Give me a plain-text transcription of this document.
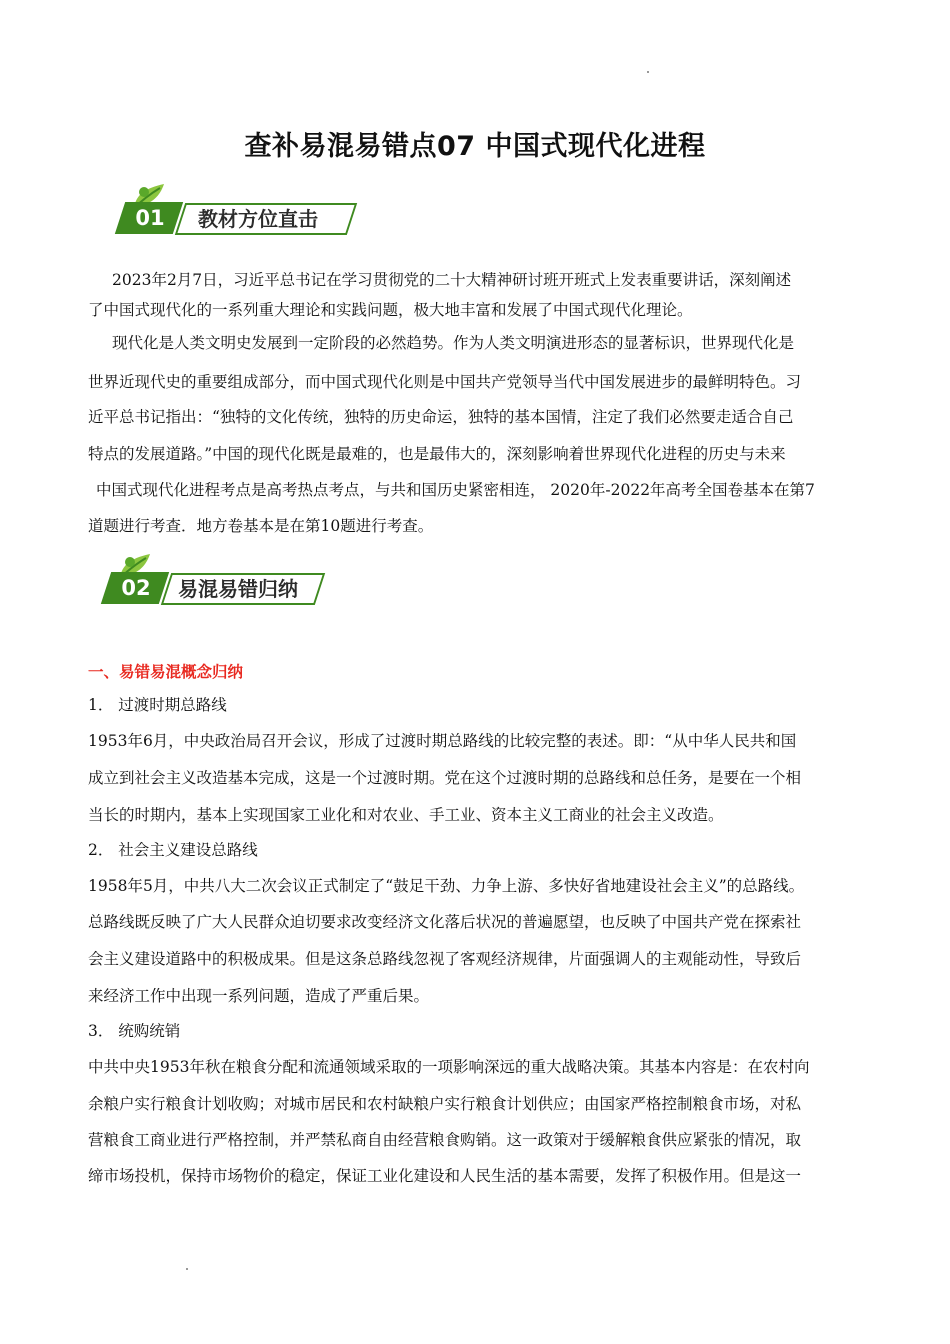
查补易混易错点07 中国式现代化进程
01	教材方位直击
2023年2月7日，习近平总书记在学习贯彻党的二十大精神研讨班开班式上发表重要讲话，深刻阐述
了中国式现代化的一系列重大理论和实践问题，极大地丰富和发展了中国式现代化理论。
现代化是人类文明史发展到一定阶段的必然趋势。作为人类文明演进形态的显著标识，世界现代化是
世界近现代史的重要组成部分，而中国式现代化则是中国共产党领导当代中国发展进步的最鲜明特色。习
近平总书记指出：“独特的文化传统，独特的历史命运，独特的基本国情，注定了我们必然要走适合自己
特点的发展道路。”中国的现代化既是最难的，也是最伟大的，深刻影响着世界现代化进程的历史与未来
中国式现代化进程考点是高考热点考点，与共和国历史紧密相连， 2020年-2022年高考全国卷基本在第7
道题进行考查．地方卷基本是在第10题进行考查。
02	易混易错归纳
一、易错易混概念归纳
1． 过渡时期总路线
1953年6月，中央政治局召开会议，形成了过渡时期总路线的比较完整的表述。即：“从中华人民共和国
成立到社会主义改造基本完成，这是一个过渡时期。党在这个过渡时期的总路线和总任务，是要在一个相
当长的时期内，基本上实现国家工业化和对农业、手工业、资本主义工商业的社会主义改造。
2． 社会主义建设总路线
1958年5月，中共八大二次会议正式制定了“鼓足干劲、力争上游、多快好省地建设社会主义”的总路线。
总路线既反映了广大人民群众迫切要求改变经济文化落后状况的普遍愿望，也反映了中国共产党在探索社
会主义建设道路中的积极成果。但是这条总路线忽视了客观经济规律，片面强调人的主观能动性，导致后
来经济工作中出现一系列问题，造成了严重后果。
3． 统购统销
中共中央1953年秋在粮食分配和流通领域采取的一项影响深远的重大战略决策。其基本内容是：在农村向
余粮户实行粮食计划收购；对城市居民和农村缺粮户实行粮食计划供应；由国家严格控制粮食市场，对私
营粮食工商业进行严格控制，并严禁私商自由经营粮食购销。这一政策对于缓解粮食供应紧张的情况，取
缔市场投机，保持市场物价的稳定，保证工业化建设和人民生活的基本需要，发挥了积极作用。但是这一
